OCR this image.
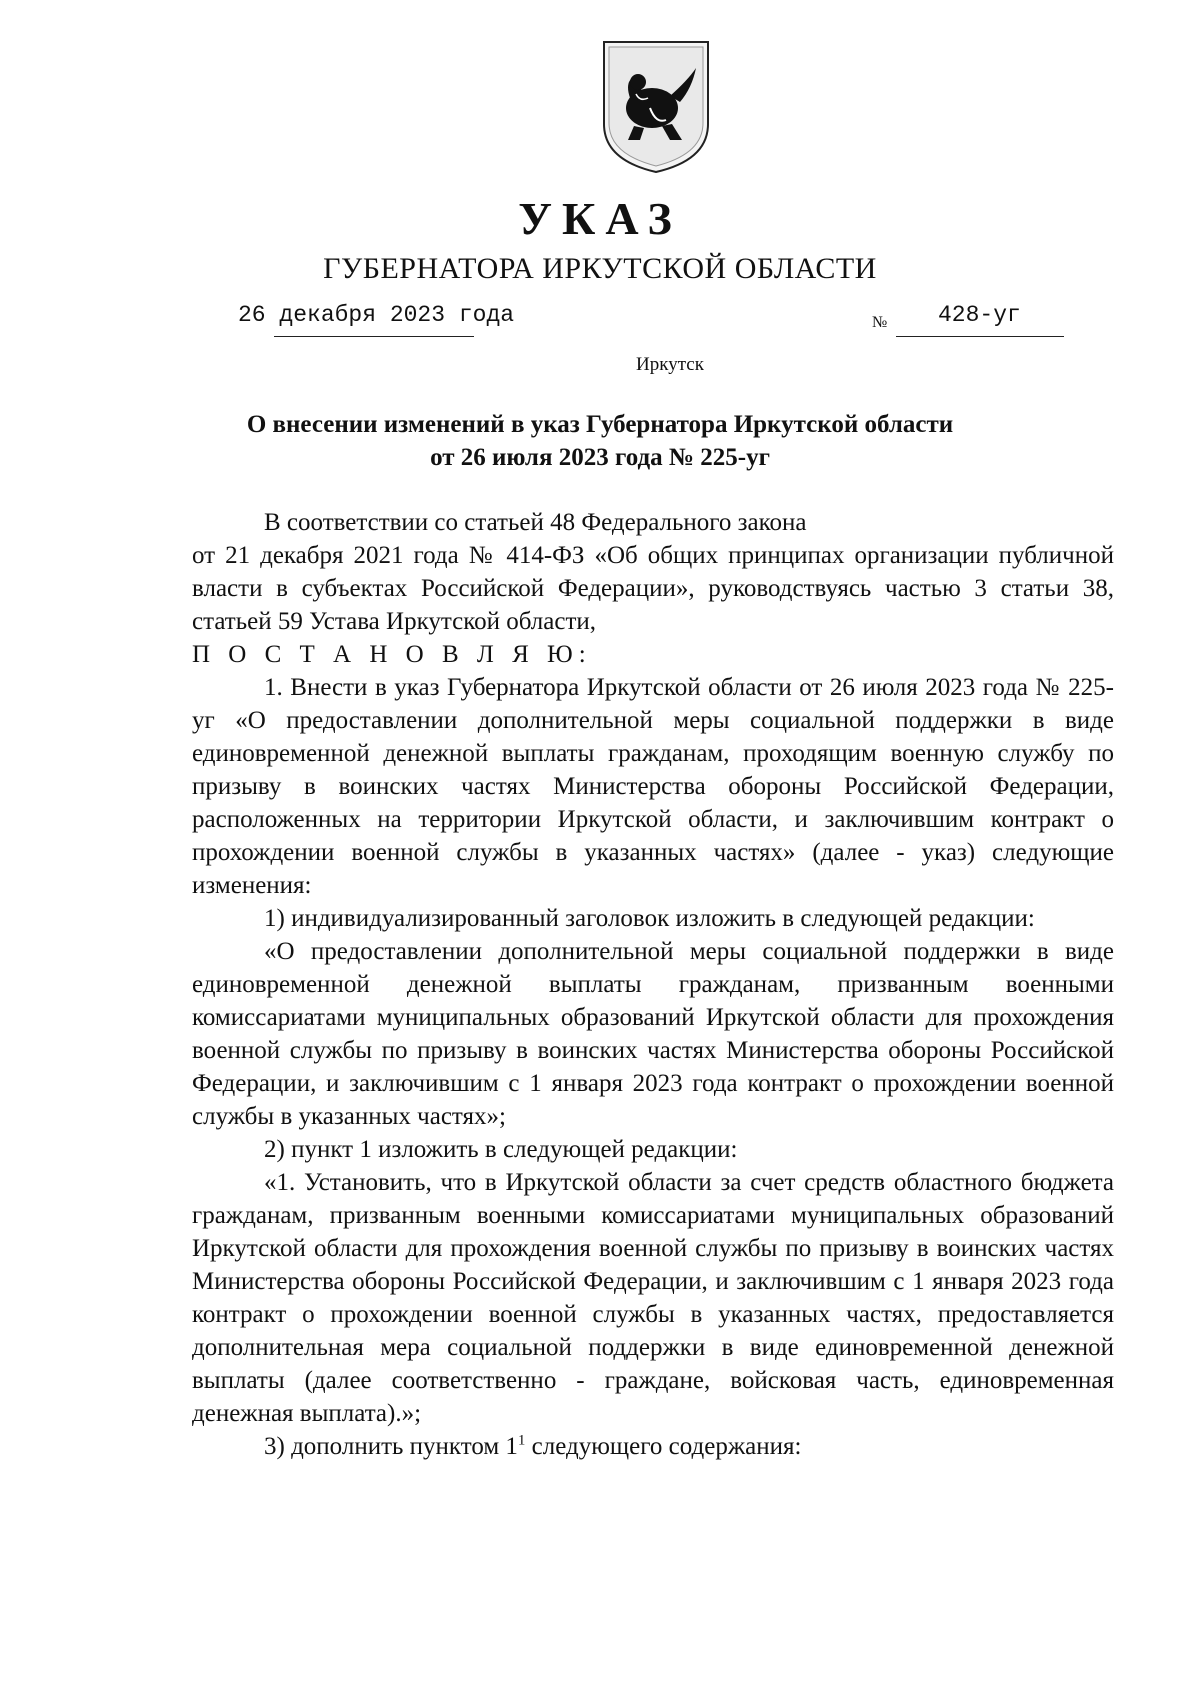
УКАЗ
ГУБЕРНАТОРА ИРКУТСКОЙ ОБЛАСТИ
26 декабря 2023 года	№ 428-уг
Иркутск
О внесении изменений в указ Губернатора Иркутской области
от 26 июля 2023 года № 225-уг

В соответствии со статьей 48 Федерального закона

от 21 декабря 2021 года № 414-ФЗ «Об общих принципах организации публичной власти в субъектах Российской Федерации», руководствуясь частью 3 статьи 38, статьей 59 Устава Иркутской области,

П О С Т А Н О В Л Я Ю:

1. Внести в указ Губернатора Иркутской области от 26 июля 2023 года № 225-уг «О предоставлении дополнительной меры социальной поддержки в виде единовременной денежной выплаты гражданам, проходящим военную службу по призыву в воинских частях Министерства обороны Российской Федерации, расположенных на территории Иркутской области, и заключившим контракт о прохождении военной службы в указанных частях» (далее - указ) следующие изменения:

1) индивидуализированный заголовок изложить в следующей редакции:

«О предоставлении дополнительной меры социальной поддержки в виде единовременной денежной выплаты гражданам, призванным военными комиссариатами муниципальных образований Иркутской области для прохождения военной службы по призыву в воинских частях Министерства обороны Российской Федерации, и заключившим с 1 января 2023 года контракт о прохождении военной службы в указанных частях»;

2) пункт 1 изложить в следующей редакции:

«1. Установить, что в Иркутской области за счет средств областного бюджета гражданам, призванным военными комиссариатами муниципальных образований Иркутской области для прохождения военной службы по призыву в воинских частях Министерства обороны Российской Федерации, и заключившим с 1 января 2023 года контракт о прохождении военной службы в указанных частях, предоставляется дополнительная мера социальной поддержки в виде единовременной денежной выплаты (далее соответственно - граждане, войсковая часть, единовременная денежная выплата).»;

3) дополнить пунктом $1^1$ следующего содержания:
